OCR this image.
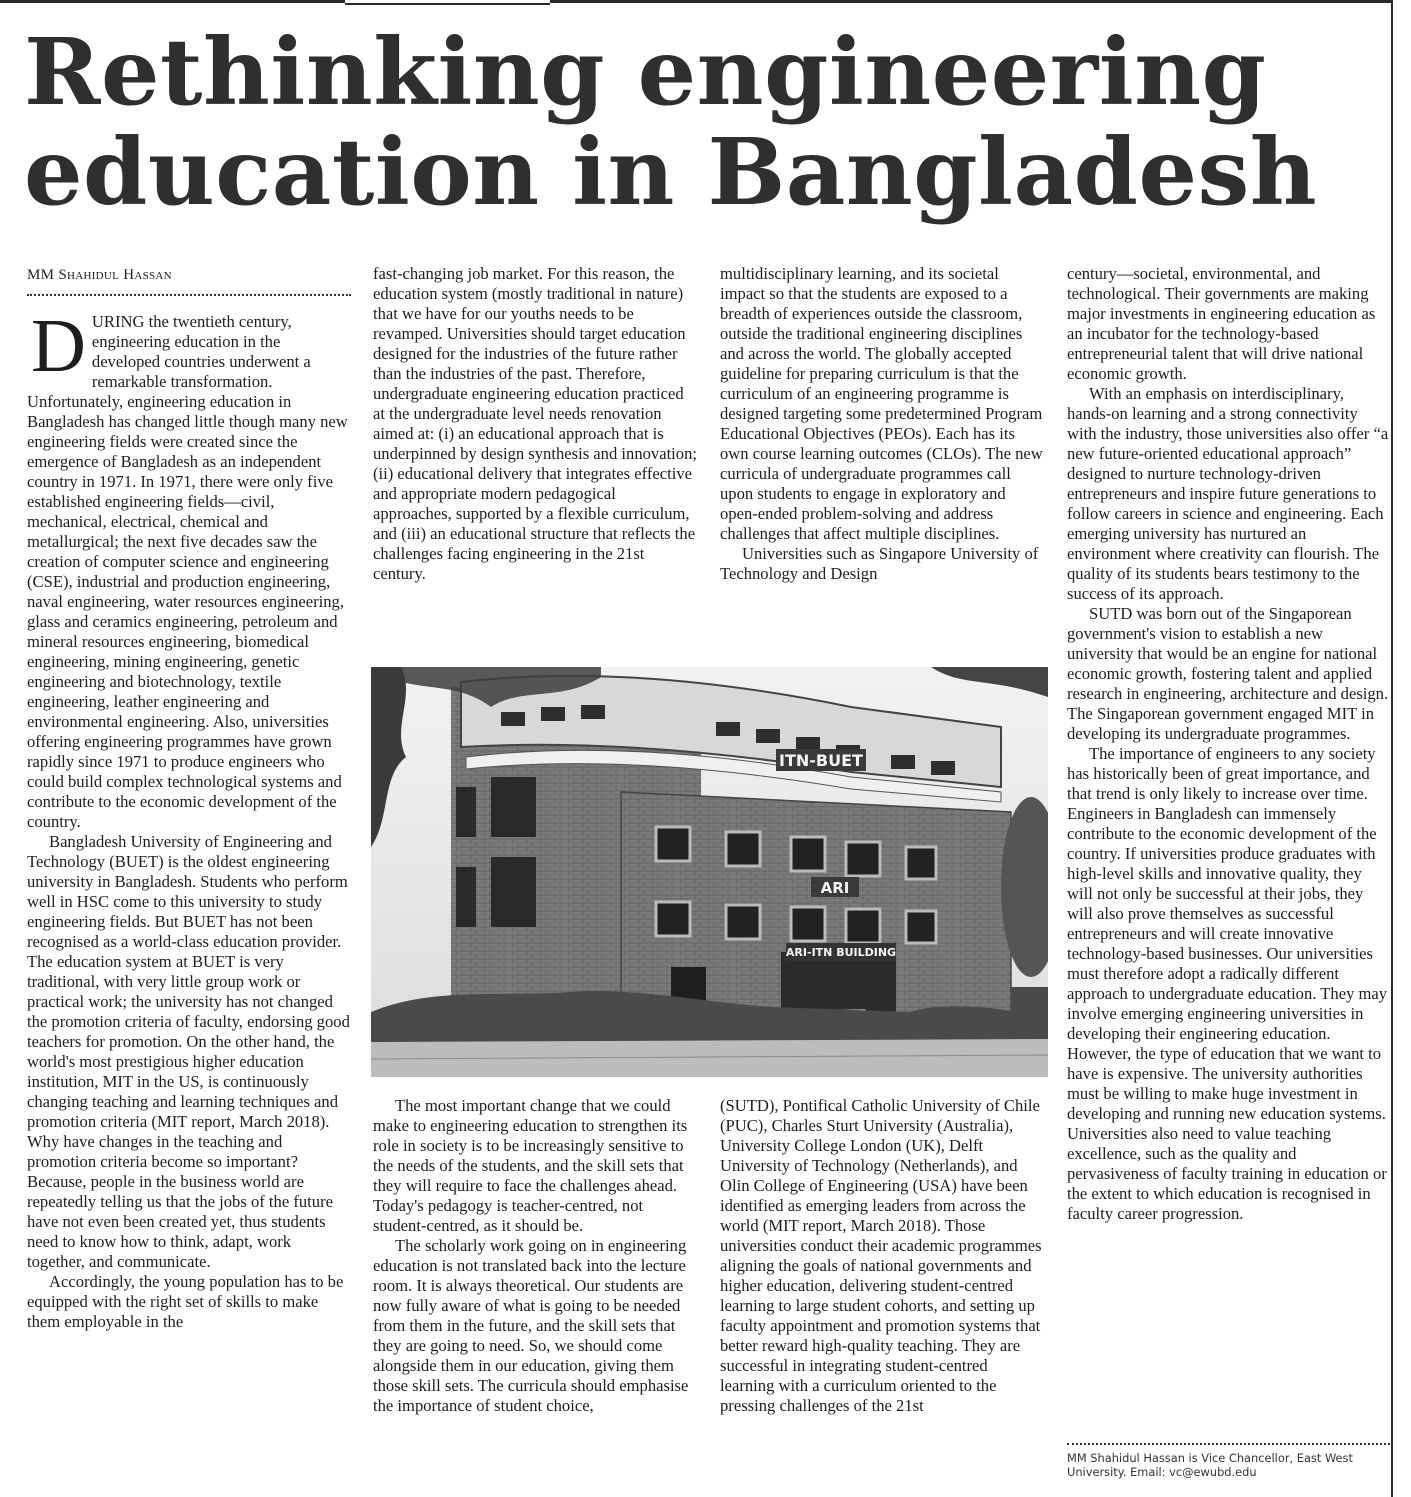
Rethinking engineering education in Bangladesh
MM Shahidul Hassan

DURING the twentieth century, engineering education in the developed countries underwent a remarkable transformation. Unfortunately, engineering education in Bangladesh has changed little though many new engineering fields were created since the emergence of Bangladesh as an independent country in 1971. In 1971, there were only five established engineering fields—civil, mechanical, electrical, chemical and metallurgical; the next five decades saw the creation of computer science and engineering (CSE), industrial and production engineering, naval engineering, water resources engineering, glass and ceramics engineering, petroleum and mineral resources engineering, biomedical engineering, mining engineering, genetic engineering and biotechnology, textile engineering, leather engineering and environmental engineering. Also, universities offering engineering programmes have grown rapidly since 1971 to produce engineers who could build complex technological systems and contribute to the economic development of the country.

Bangladesh University of Engineering and Technology (BUET) is the oldest engineering university in Bangladesh. Students who perform well in HSC come to this university to study engineering fields. But BUET has not been recognised as a world-class education provider. The education system at BUET is very traditional, with very little group work or practical work; the university has not changed the promotion criteria of faculty, endorsing good teachers for promotion. On the other hand, the world's most prestigious higher education institution, MIT in the US, is continuously changing teaching and learning techniques and promotion criteria (MIT report, March 2018). Why have changes in the teaching and promotion criteria become so important? Because, people in the business world are repeatedly telling us that the jobs of the future have not even been created yet, thus students need to know how to think, adapt, work together, and communicate.

Accordingly, the young population has to be equipped with the right set of skills to make them employable in the

fast-changing job market. For this reason, the education system (mostly traditional in nature) that we have for our youths needs to be revamped. Universities should target education designed for the industries of the future rather than the industries of the past. Therefore, undergraduate engineering education practiced at the undergraduate level needs renovation aimed at: (i) an educational approach that is underpinned by design synthesis and innovation; (ii) educational delivery that integrates effective and appropriate modern pedagogical approaches, supported by a flexible curriculum, and (iii) an educational structure that reflects the challenges facing engineering in the 21st century.

multidisciplinary learning, and its societal impact so that the students are exposed to a breadth of experiences outside the classroom, outside the traditional engineering disciplines and across the world. The globally accepted guideline for preparing curriculum is that the curriculum of an engineering programme is designed targeting some predetermined Program Educational Objectives (PEOs). Each has its own course learning outcomes (CLOs). The new curricula of undergraduate programmes call upon students to engage in exploratory and open-ended problem-solving and address challenges that affect multiple disciplines.

Universities such as Singapore University of Technology and Design

century—societal, environmental, and technological. Their governments are making major investments in engineering education as an incubator for the technology-based entrepreneurial talent that will drive national economic growth.

With an emphasis on interdisciplinary, hands-on learning and a strong connectivity with the industry, those universities also offer “a new future-oriented educational approach” designed to nurture technology-driven entrepreneurs and inspire future generations to follow careers in science and engineering. Each emerging university has nurtured an environment where creativity can flourish. The quality of its students bears testimony to the success of its approach.

SUTD was born out of the Singaporean government's vision to establish a new university that would be an engine for national economic growth, fostering talent and applied research in engineering, architecture and design. The Singaporean government engaged MIT in developing its undergraduate programmes.

The importance of engineers to any society has historically been of great importance, and that trend is only likely to increase over time. Engineers in Bangladesh can immensely contribute to the economic development of the country. If universities produce graduates with high-level skills and innovative quality, they will not only be successful at their jobs, they will also prove themselves as successful entrepreneurs and will create innovative technology-based businesses. Our universities must therefore adopt a radically different approach to undergraduate education. They may involve emerging engineering universities in developing their engineering education. However, the type of education that we want to have is expensive. The university authorities must be willing to make huge investment in developing and running new education systems. Universities also need to value teaching excellence, such as the quality and pervasiveness of faculty training in education or the extent to which education is recognised in faculty career progression.

ITN-BUET
ARI
ARI-ITN BUILDING

The most important change that we could make to engineering education to strengthen its role in society is to be increasingly sensitive to the needs of the students, and the skill sets that they will require to face the challenges ahead. Today's pedagogy is teacher-centred, not student-centred, as it should be.

The scholarly work going on in engineering education is not translated back into the lecture room. It is always theoretical. Our students are now fully aware of what is going to be needed from them in the future, and the skill sets that they are going to need. So, we should come alongside them in our education, giving them those skill sets. The curricula should emphasise the importance of student choice,

(SUTD), Pontifical Catholic University of Chile (PUC), Charles Sturt University (Australia), University College London (UK), Delft University of Technology (Netherlands), and Olin College of Engineering (USA) have been identified as emerging leaders from across the world (MIT report, March 2018). Those universities conduct their academic programmes aligning the goals of national governments and higher education, delivering student-centred learning to large student cohorts, and setting up faculty appointment and promotion systems that better reward high-quality teaching. They are successful in integrating student-centred learning with a curriculum oriented to the pressing challenges of the 21st

MM Shahidul Hassan is Vice Chancellor, East West University. Email: vc@ewubd.edu
